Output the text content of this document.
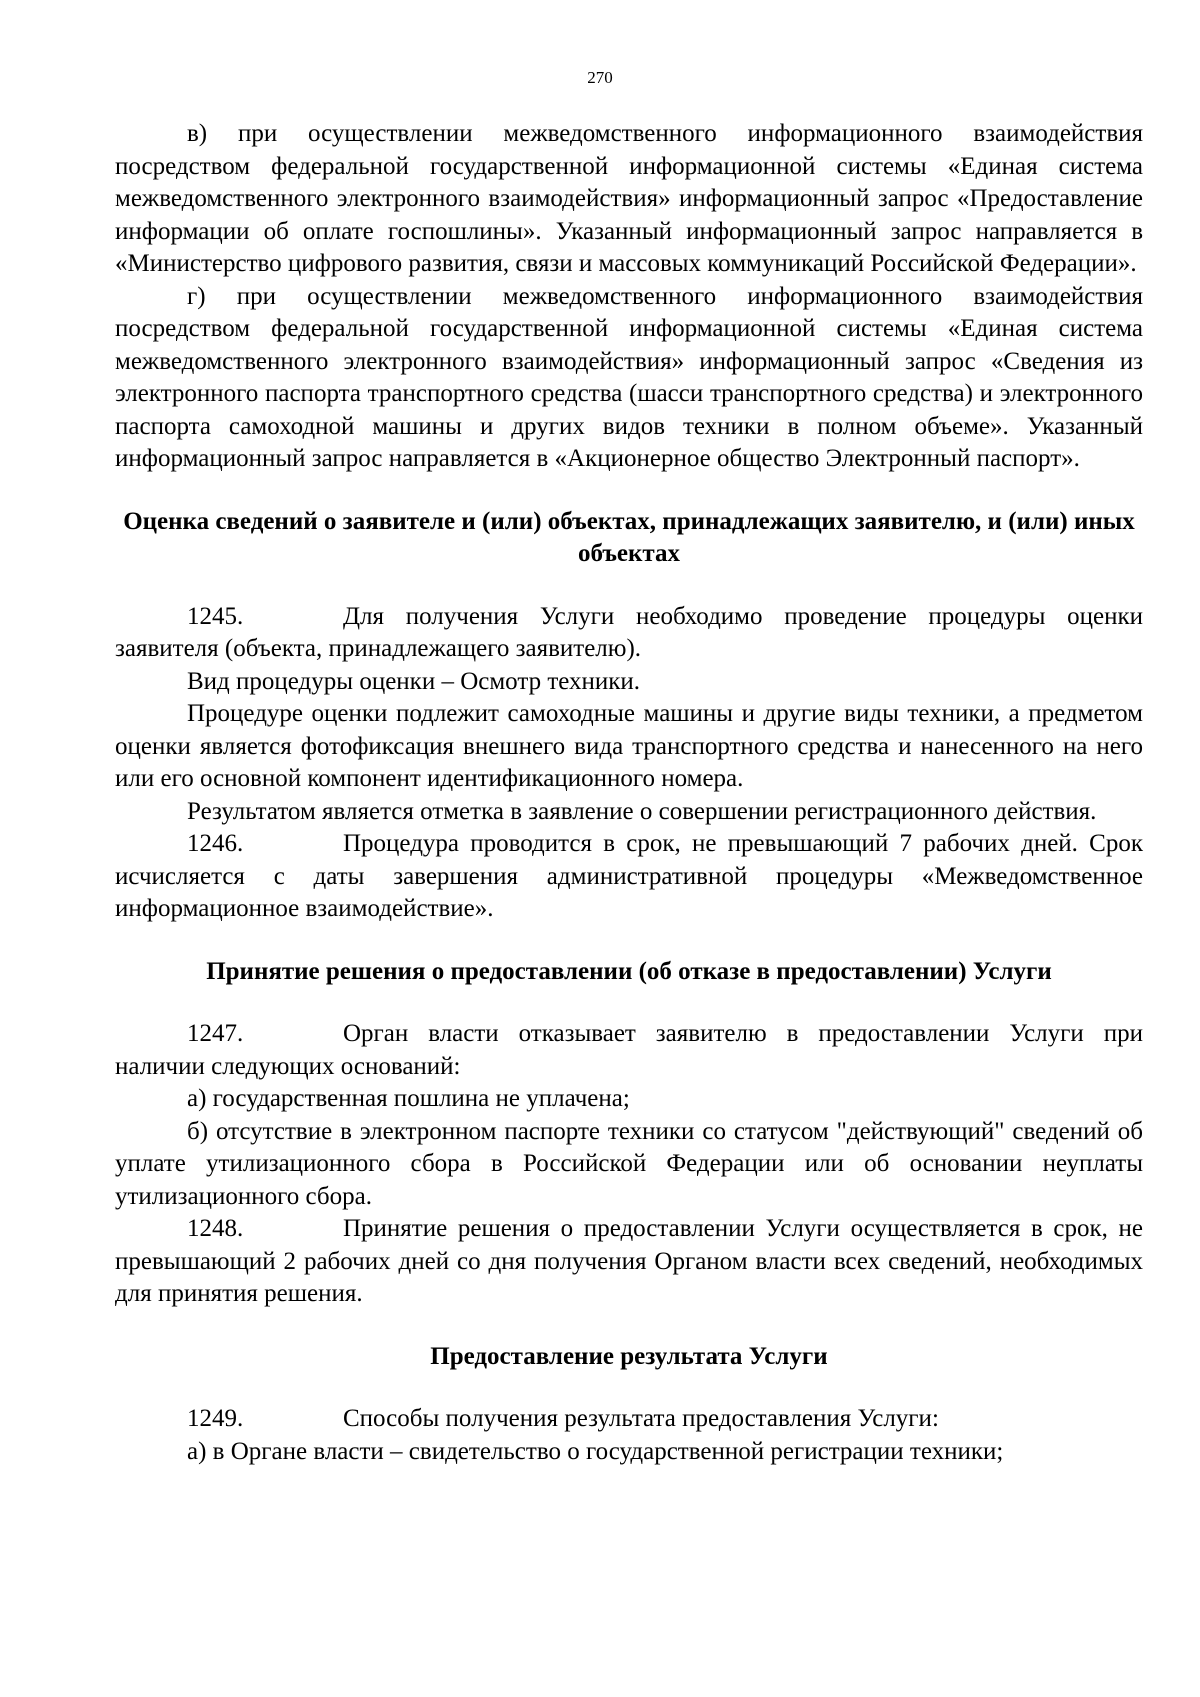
270

в) при осуществлении межведомственного информационного взаимодействия посредством федеральной государственной информационной системы «Единая система межведомственного электронного взаимодействия» информационный запрос «Предоставление информации об оплате госпошлины». Указанный информационный запрос направляется в «Министерство цифрового развития, связи и массовых коммуникаций Российской Федерации».

г) при осуществлении межведомственного информационного взаимодействия посредством федеральной государственной информационной системы «Единая система межведомственного электронного взаимодействия» информационный запрос «Сведения из электронного паспорта транспортного средства (шасси транспортного средства) и электронного паспорта самоходной машины и других видов техники в полном объеме». Указанный информационный запрос направляется в «Акционерное общество Электронный паспорт».

Оценка сведений о заявителе и (или) объектах, принадлежащих заявителю, и (или) иных объектах

1245.	Для получения Услуги необходимо проведение процедуры оценки заявителя (объекта, принадлежащего заявителю).

Вид процедуры оценки – Осмотр техники.

Процедуре оценки подлежит самоходные машины и другие виды техники, а предметом оценки является фотофиксация внешнего вида транспортного средства и нанесенного на него или его основной компонент идентификационного номера.

Результатом является отметка в заявление о совершении регистрационного действия.

1246.	Процедура проводится в срок, не превышающий 7 рабочих дней. Срок исчисляется с даты завершения административной процедуры «Межведомственное информационное взаимодействие».

Принятие решения о предоставлении (об отказе в предоставлении) Услуги

1247.	Орган власти отказывает заявителю в предоставлении Услуги при наличии следующих оснований:

а) государственная пошлина не уплачена;

б) отсутствие в электронном паспорте техники со статусом "действующий" сведений об уплате утилизационного сбора в Российской Федерации или об основании неуплаты утилизационного сбора.

1248.	Принятие решения о предоставлении Услуги осуществляется в срок, не превышающий 2 рабочих дней со дня получения Органом власти всех сведений, необходимых для принятия решения.

Предоставление результата Услуги

1249.	Способы получения результата предоставления Услуги:

а) в Органе власти – свидетельство о государственной регистрации техники;
